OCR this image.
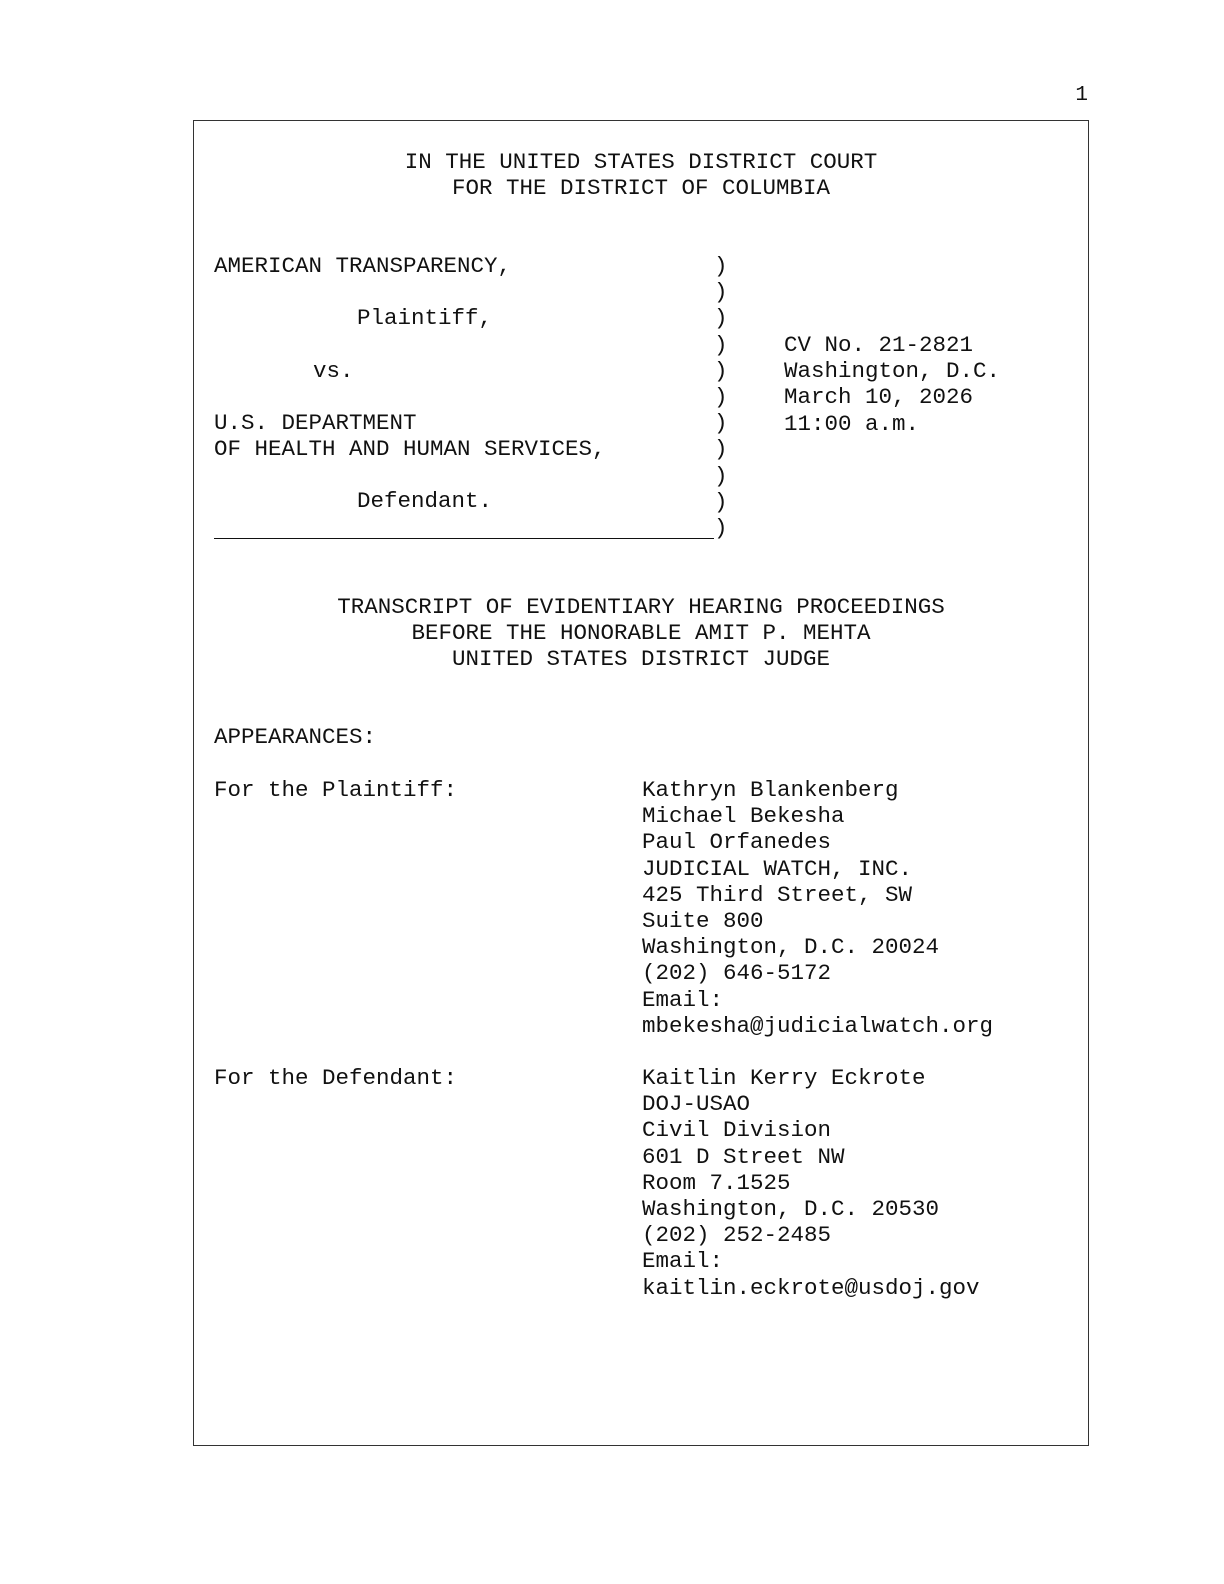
1
IN THE UNITED STATES DISTRICT COURT
FOR THE DISTRICT OF COLUMBIA
AMERICAN TRANSPARENCY,
Plaintiff,
vs.
U.S. DEPARTMENT
OF HEALTH AND HUMAN SERVICES,
Defendant.
)
)
)
)
)
)
)
)
)
)
)
CV No. 21-2821
Washington, D.C.
March 10, 2026
11:00 a.m.
TRANSCRIPT OF EVIDENTIARY HEARING PROCEEDINGS
BEFORE THE HONORABLE AMIT P. MEHTA
UNITED STATES DISTRICT JUDGE
APPEARANCES:
For the Plaintiff:	Kathryn Blankenberg
Michael Bekesha
Paul Orfanedes
JUDICIAL WATCH, INC.
425 Third Street, SW
Suite 800
Washington, D.C. 20024
(202) 646-5172
Email:
mbekesha@judicialwatch.org
For the Defendant:	Kaitlin Kerry Eckrote
DOJ-USAO
Civil Division
601 D Street NW
Room 7.1525
Washington, D.C. 20530
(202) 252-2485
Email:
kaitlin.eckrote@usdoj.gov
